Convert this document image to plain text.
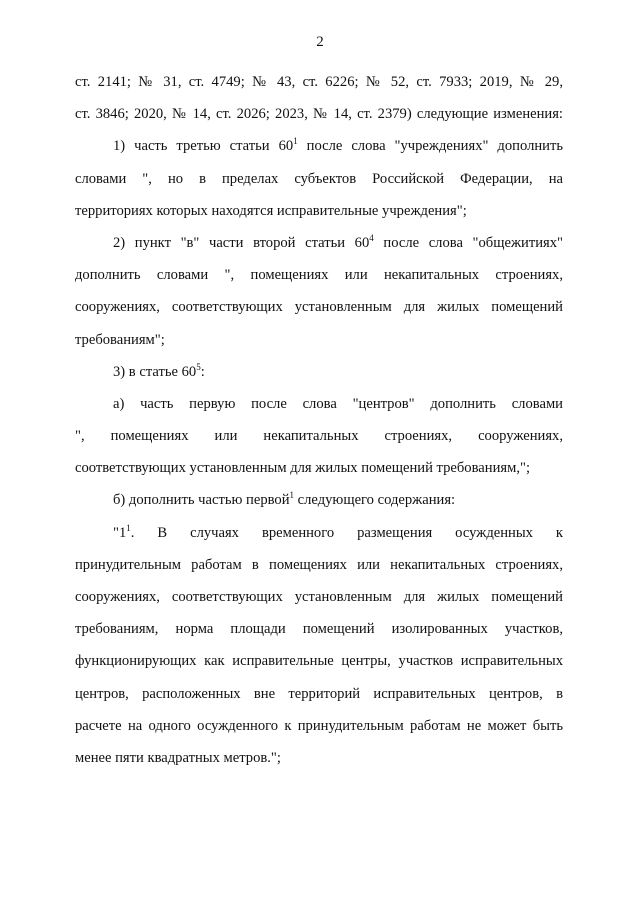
2
ст. 2141; № 31, ст. 4749; № 43, ст. 6226; № 52, ст. 7933; 2019, № 29,
ст. 3846; 2020, № 14, ст. 2026; 2023, № 14, ст. 2379) следующие изменения:
1) часть третью статьи $60^1$ после слова "учреждениях" дополнить
словами ", но в пределах субъектов Российской Федерации, на
территориях которых находятся исправительные учреждения";
2) пункт "в" части второй статьи $60^4$ после слова "общежитиях"
дополнить словами ", помещениях или некапитальных строениях,
сооружениях, соответствующих установленным для жилых помещений
требованиям";
3) в статье $60^5$:
а) часть первую после слова "центров" дополнить словами
", помещениях или некапитальных строениях, сооружениях,
соответствующих установленным для жилых помещений требованиям,";
б) дополнить частью первой$^1$ следующего содержания:
"$1^1$. В случаях временного размещения осужденных к
принудительным работам в помещениях или некапитальных строениях,
сооружениях, соответствующих установленным для жилых помещений
требованиям, норма площади помещений изолированных участков,
функционирующих как исправительные центры, участков исправительных
центров, расположенных вне территорий исправительных центров, в
расчете на одного осужденного к принудительным работам не может быть
менее пяти квадратных метров.";
